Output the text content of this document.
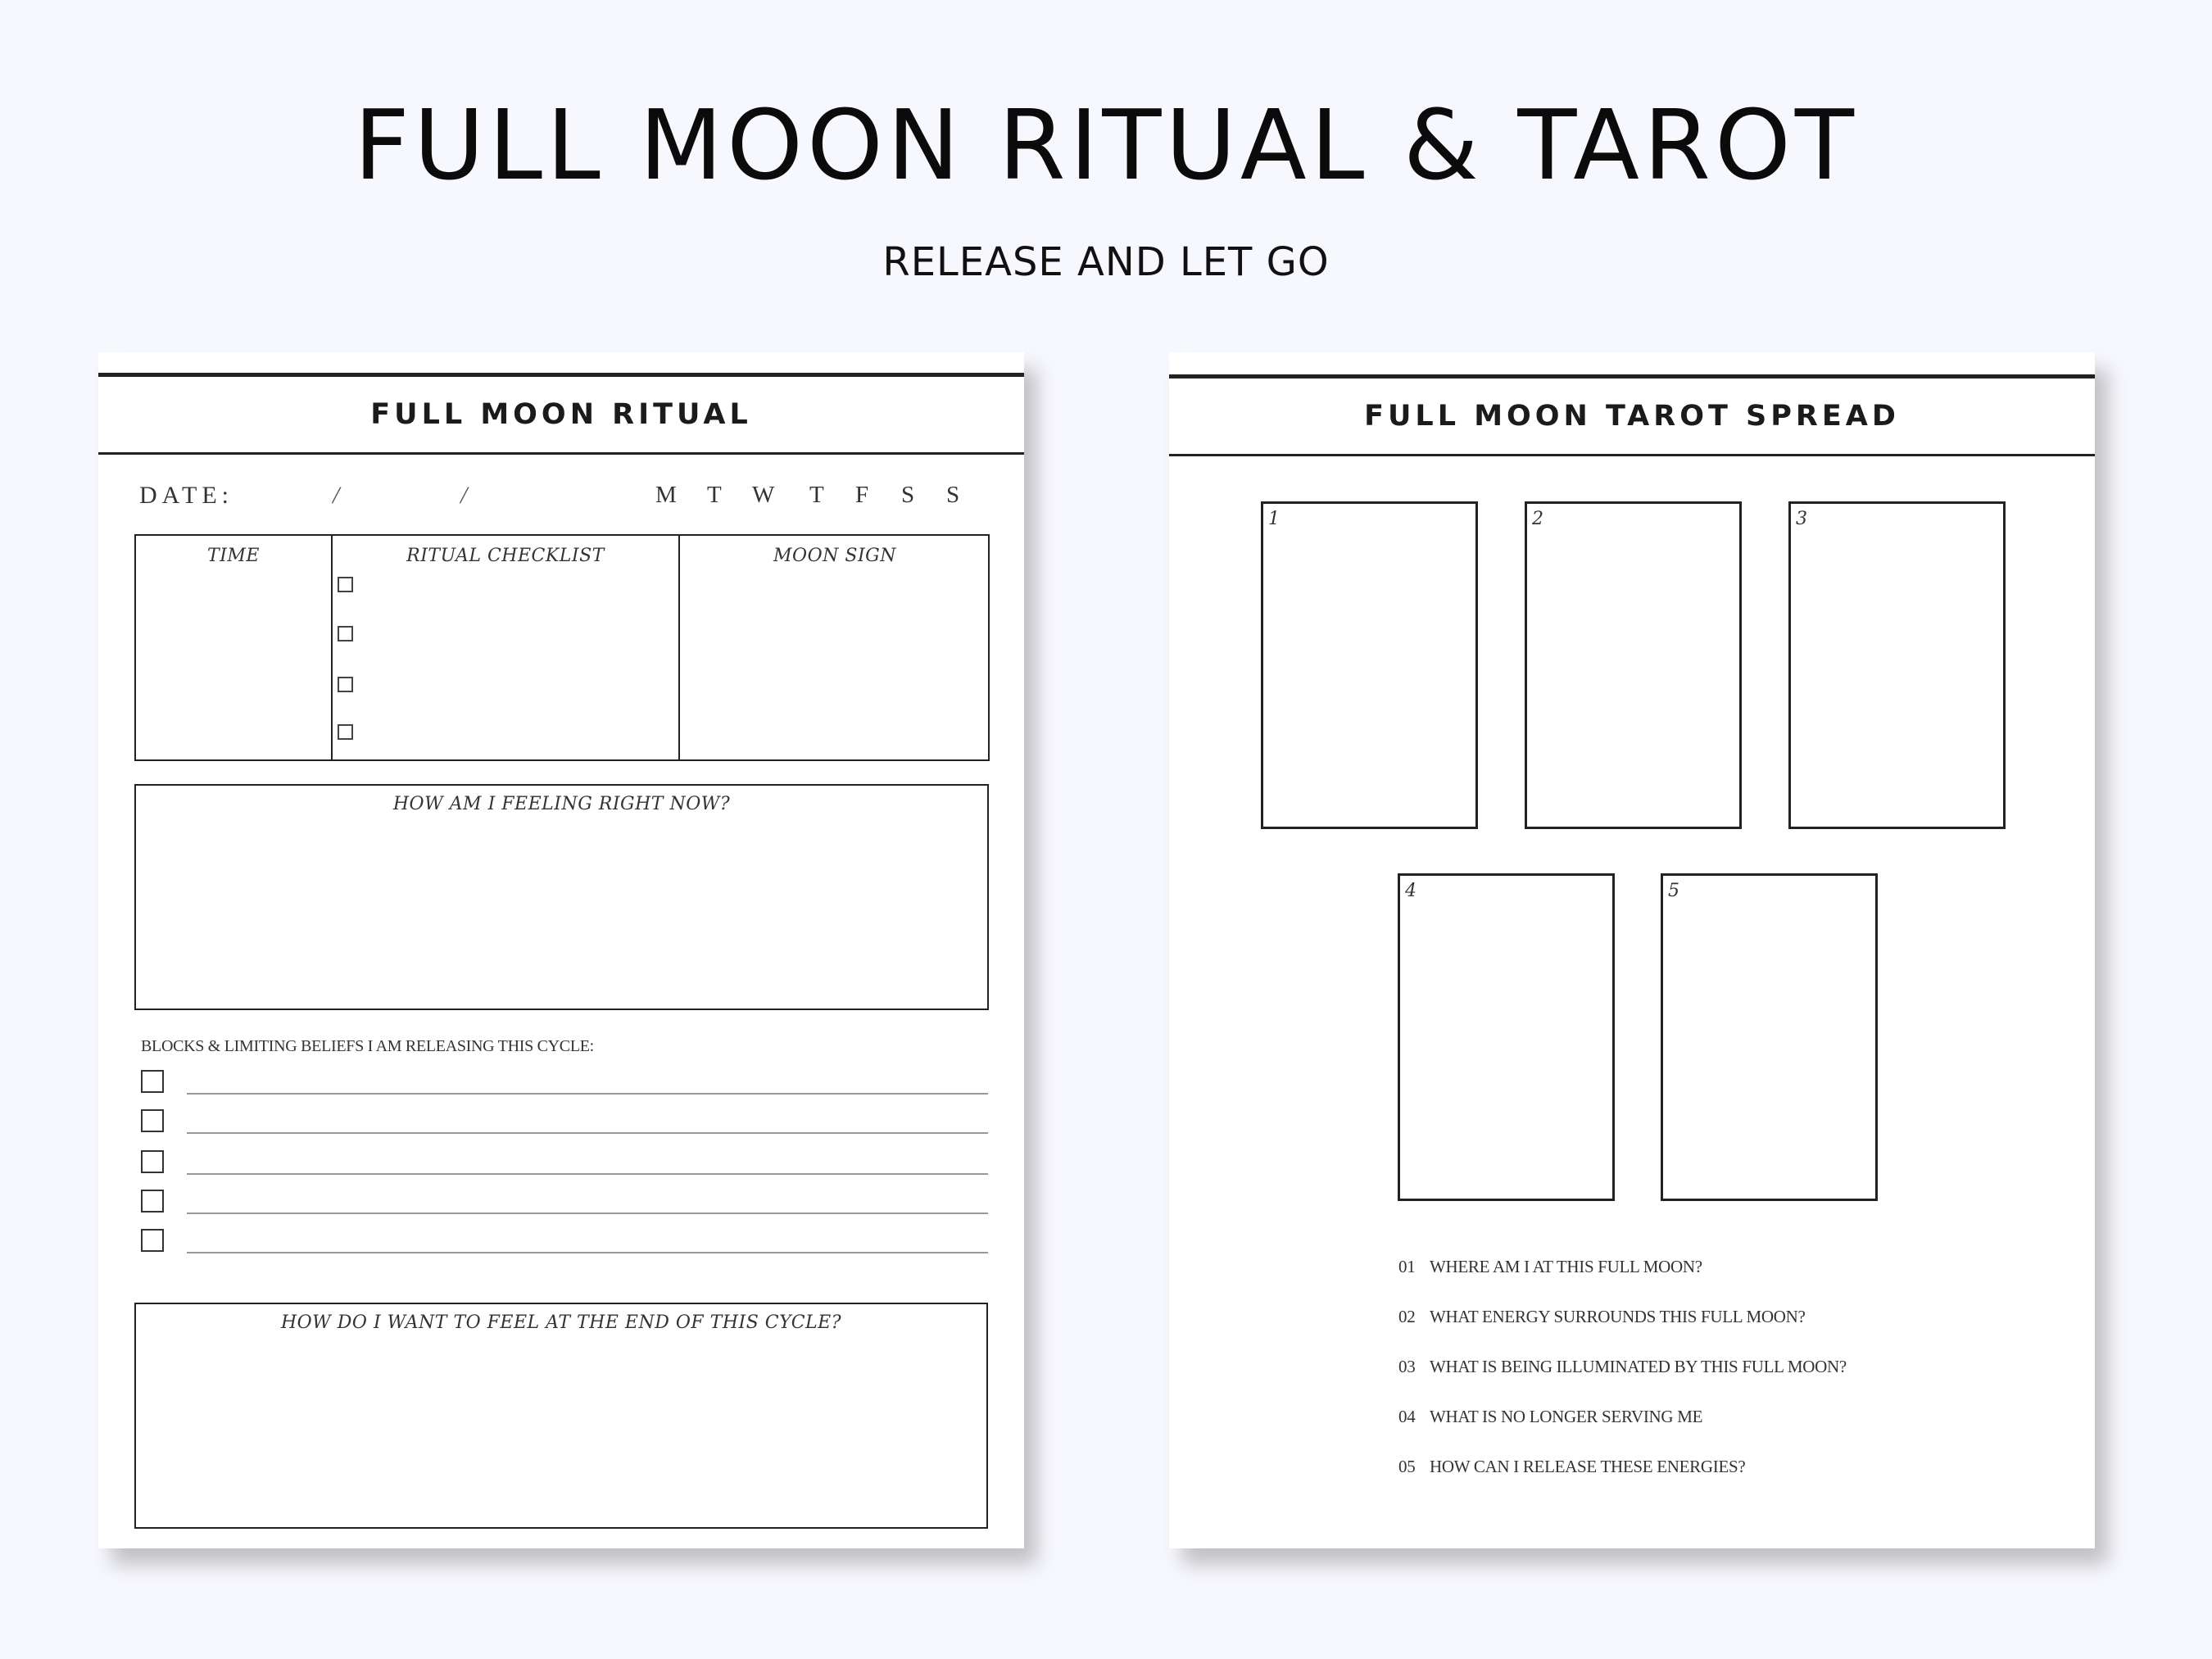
FULL MOON RITUAL & TAROT
RELEASE AND LET GO
FULL MOON RITUAL
DATE:	/	/	M T W T F S S
TIME	RITUAL CHECKLIST	MOON SIGN
HOW AM I FEELING RIGHT NOW?
BLOCKS & LIMITING BELIEFS I AM RELEASING THIS CYCLE:
HOW DO I WANT TO FEEL AT THE END OF THIS CYCLE?
FULL MOON TAROT SPREAD
1	2	3
4	5
01 WHERE AM I AT THIS FULL MOON?
02 WHAT ENERGY SURROUNDS THIS FULL MOON?
03 WHAT IS BEING ILLUMINATED BY THIS FULL MOON?
04 WHAT IS NO LONGER SERVING ME
05 HOW CAN I RELEASE THESE ENERGIES?
